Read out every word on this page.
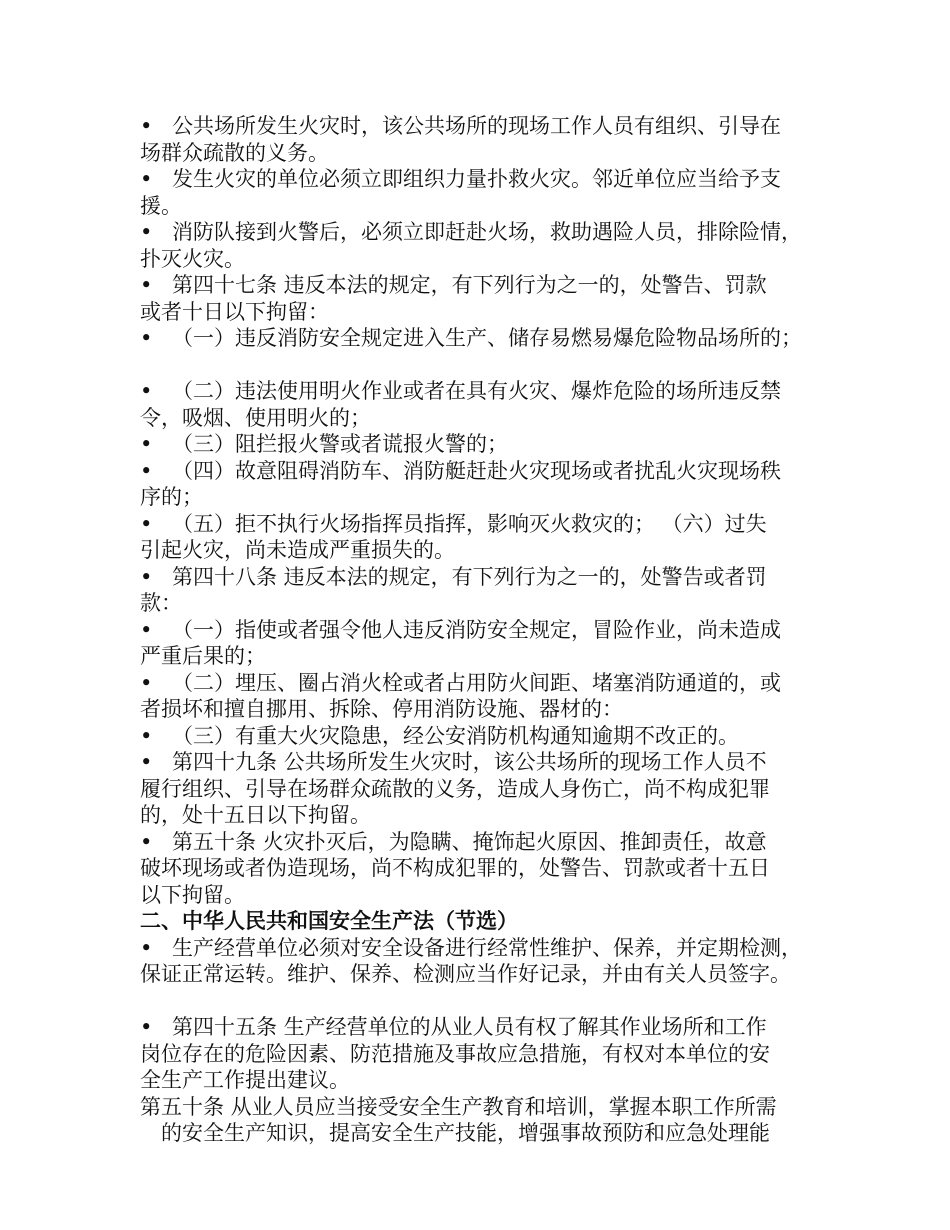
• 公共场所发生火灾时，该公共场所的现场工作人员有组织、引导在
场群众疏散的义务。
• 发生火灾的单位必须立即组织力量扑救火灾。邻近单位应当给予支
援。
• 消防队接到火警后，必须立即赶赴火场，救助遇险人员，排除险情，
扑灭火灾。
• 第四十七条 违反本法的规定，有下列行为之一的，处警告、罚款
或者十日以下拘留：
• （一）违反消防安全规定进入生产、储存易燃易爆危险物品场所的；
• （二）违法使用明火作业或者在具有火灾、爆炸危险的场所违反禁
令，吸烟、使用明火的；
• （三）阻拦报火警或者谎报火警的；
• （四）故意阻碍消防车、消防艇赶赴火灾现场或者扰乱火灾现场秩
序的；
• （五）拒不执行火场指挥员指挥，影响灭火救灾的； （六）过失
引起火灾，尚未造成严重损失的。
• 第四十八条 违反本法的规定，有下列行为之一的，处警告或者罚
款：
• （一）指使或者强令他人违反消防安全规定，冒险作业，尚未造成
严重后果的；
• （二）埋压、圈占消火栓或者占用防火间距、堵塞消防通道的，或
者损坏和擅自挪用、拆除、停用消防设施、器材的：
• （三）有重大火灾隐患，经公安消防机构通知逾期不改正的。
• 第四十九条 公共场所发生火灾时，该公共场所的现场工作人员不
履行组织、引导在场群众疏散的义务，造成人身伤亡，尚不构成犯罪
的，处十五日以下拘留。
• 第五十条 火灾扑灭后，为隐瞒、掩饰起火原因、推卸责任，故意
破坏现场或者伪造现场，尚不构成犯罪的，处警告、罚款或者十五日
以下拘留。
二、中华人民共和国安全生产法（节选）
• 生产经营单位必须对安全设备进行经常性维护、保养，并定期检测，
保证正常运转。维护、保养、检测应当作好记录，并由有关人员签字。
• 第四十五条 生产经营单位的从业人员有权了解其作业场所和工作
岗位存在的危险因素、防范措施及事故应急措施，有权对本单位的安
全生产工作提出建议。
第五十条 从业人员应当接受安全生产教育和培训，掌握本职工作所需
的安全生产知识，提高安全生产技能，增强事故预防和应急处理能
